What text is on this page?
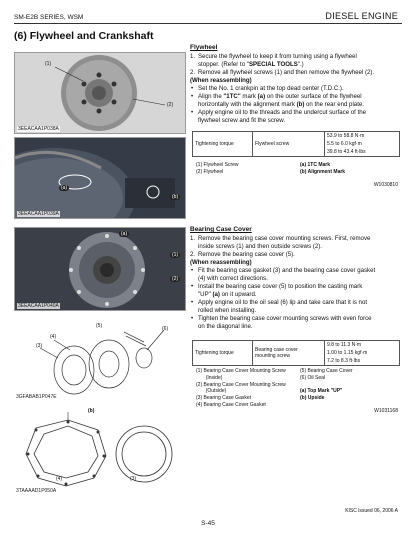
SM-E2B SERIES, WSM	DIESEL ENGINE
(6) Flywheel and Crankshaft
(1)
(2)
3EEACAA1P038A
(a)
(b)
3EEACAA1P039A
(a)
(1)
(2)
3EEACAA1P040A
(5)	(6)
(4)
(3)
3GFABAB1P047E
(b)
(4)	(3)
3TAAAAD1P050A
Flywheel
1. Secure the flywheel to keep it from turning using a flywheel
stopper. (Refer to "SPECIAL TOOLS".)
2. Remove all flywheel screws (1) and then remove the flywheel (2).
(When reassembling)
• Set the No. 1 crankpin at the top dead center (T.D.C.).
• Align the "1TC" mark (a) on the outer surface of the flywheel
horizontally with the alignment mark (b) on the rear end plate.
• Apply engine oil to the threads and the undercut surface of the
flywheel screw and fit the screw.
Tightening torque	Flywheel screw	53.9 to 58.8 N·m
5.5 to 6.0 kgf·m
39.8 to 43.4 ft·lbs
(1) Flywheel Screw	(a) 1TC Mark
(2) Flywheel	(b) Alignment Mark
W1030810
Bearing Case Cover
1. Remove the bearing case cover mounting screws. First, remove
inside screws (1) and then outside screws (2).
2. Remove the bearing case cover (5).
(When reassembling)
• Fit the bearing case gasket (3) and the bearing case cover gasket
(4) with correct directions.
• Install the bearing case cover (5) to position the casting mark
"UP" (a) on it upward.
• Apply engine oil to the oil seal (6) lip and take care that it is not
rolled when installing.
• Tighten the bearing case cover mounting screws with even force
on the diagonal line.
Tightening torque	Bearing case cover
mounting screw	9.8 to 11.3 N·m
1.00 to 1.15 kgf·m
7.2 to 8.3 ft·lbs
(1) Bearing Case Cover Mounting Screw	(5) Bearing Case Cover
(Inside)	(6) Oil Seal
(2) Bearing Case Cover Mounting Screw
(Outside)	(a) Top Mark "UP"
(3) Bearing Case Gasket	(b) Upside
(4) Bearing Case Cover Gasket
W1031168
KISC issued 06, 2006 A
S-45
